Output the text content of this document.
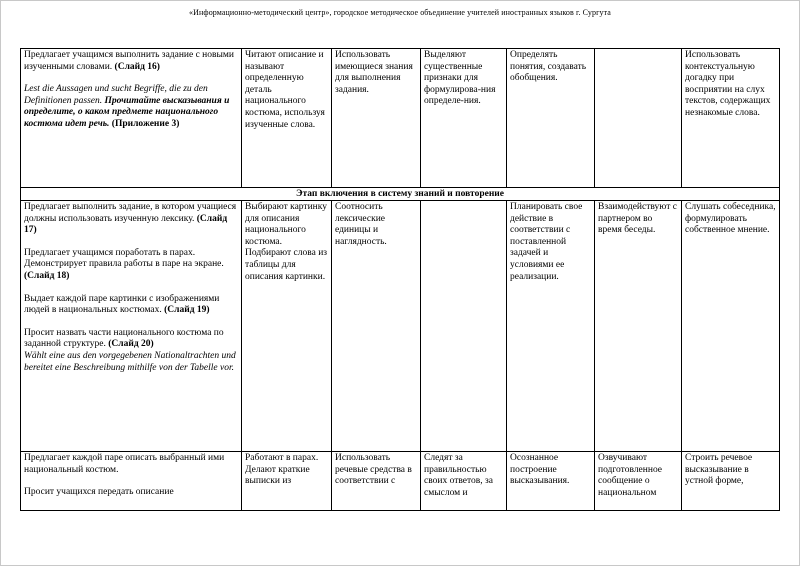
«Информационно-методический центр», городское методическое объединение учителей иностранных языков г. Сургута
Предлагает учащимся выполнить задание с новыми изученными словами. (Слайд 16)
Lest die Aussagen und sucht Begriffe, die zu den Definitionen passen. Прочитайте высказывания и определите, о каком предмете национального костюма идет речь. (Приложение 3)	Читают описание и называют определенную деталь национального костюма, используя изученные слова.	Использовать имеющиеся знания для выполнения задания.	Выделяют существенные признаки для формулирова-ния определе-ния.	Определять понятия, создавать обобщения.		Использовать контекстуальную догадку при восприятии на слух текстов, содержащих незнакомые слова.
Этап включения в систему знаний и повторение						

Предлагает выполнить задание, в котором учащиеся должны использовать изученную лексику. (Слайд 17)
Предлагает учащимся поработать в парах. Демонстрирует правила работы в паре на экране.
(Слайд 18)
Выдает каждой паре картинки с изображениями людей в национальных костюмах. (Слайд 19)
Просит назвать части национального костюма по заданной структуре. (Слайд 20)
Wählt eine aus den vorgegebenen Nationaltrachten und bereitet eine Beschreibung mithilfe von der Tabelle vor.
	Выбирают картинку для описания национального костюма. Подбирают слова из таблицы для описания картинки.	Соотносить лексические единицы и наглядность.		Планировать свое действие в соответствии с поставленной задачей и условиями ее реализации.	Взаимодействуют с партнером во время беседы.	Слушать собеседника, формулировать собственное мнение.

Предлагает каждой паре описать выбранный ими национальный костюм.
Просит учащихся передать описание	Работают в парах. Делают краткие выписки из	Использовать речевые средства в соответствии с	Следят за правильностью своих ответов, за смыслом и	Осознанное построение высказывания.	Озвучивают подготовленное сообщение о национальном	Строить речевое высказывание в устной форме,
